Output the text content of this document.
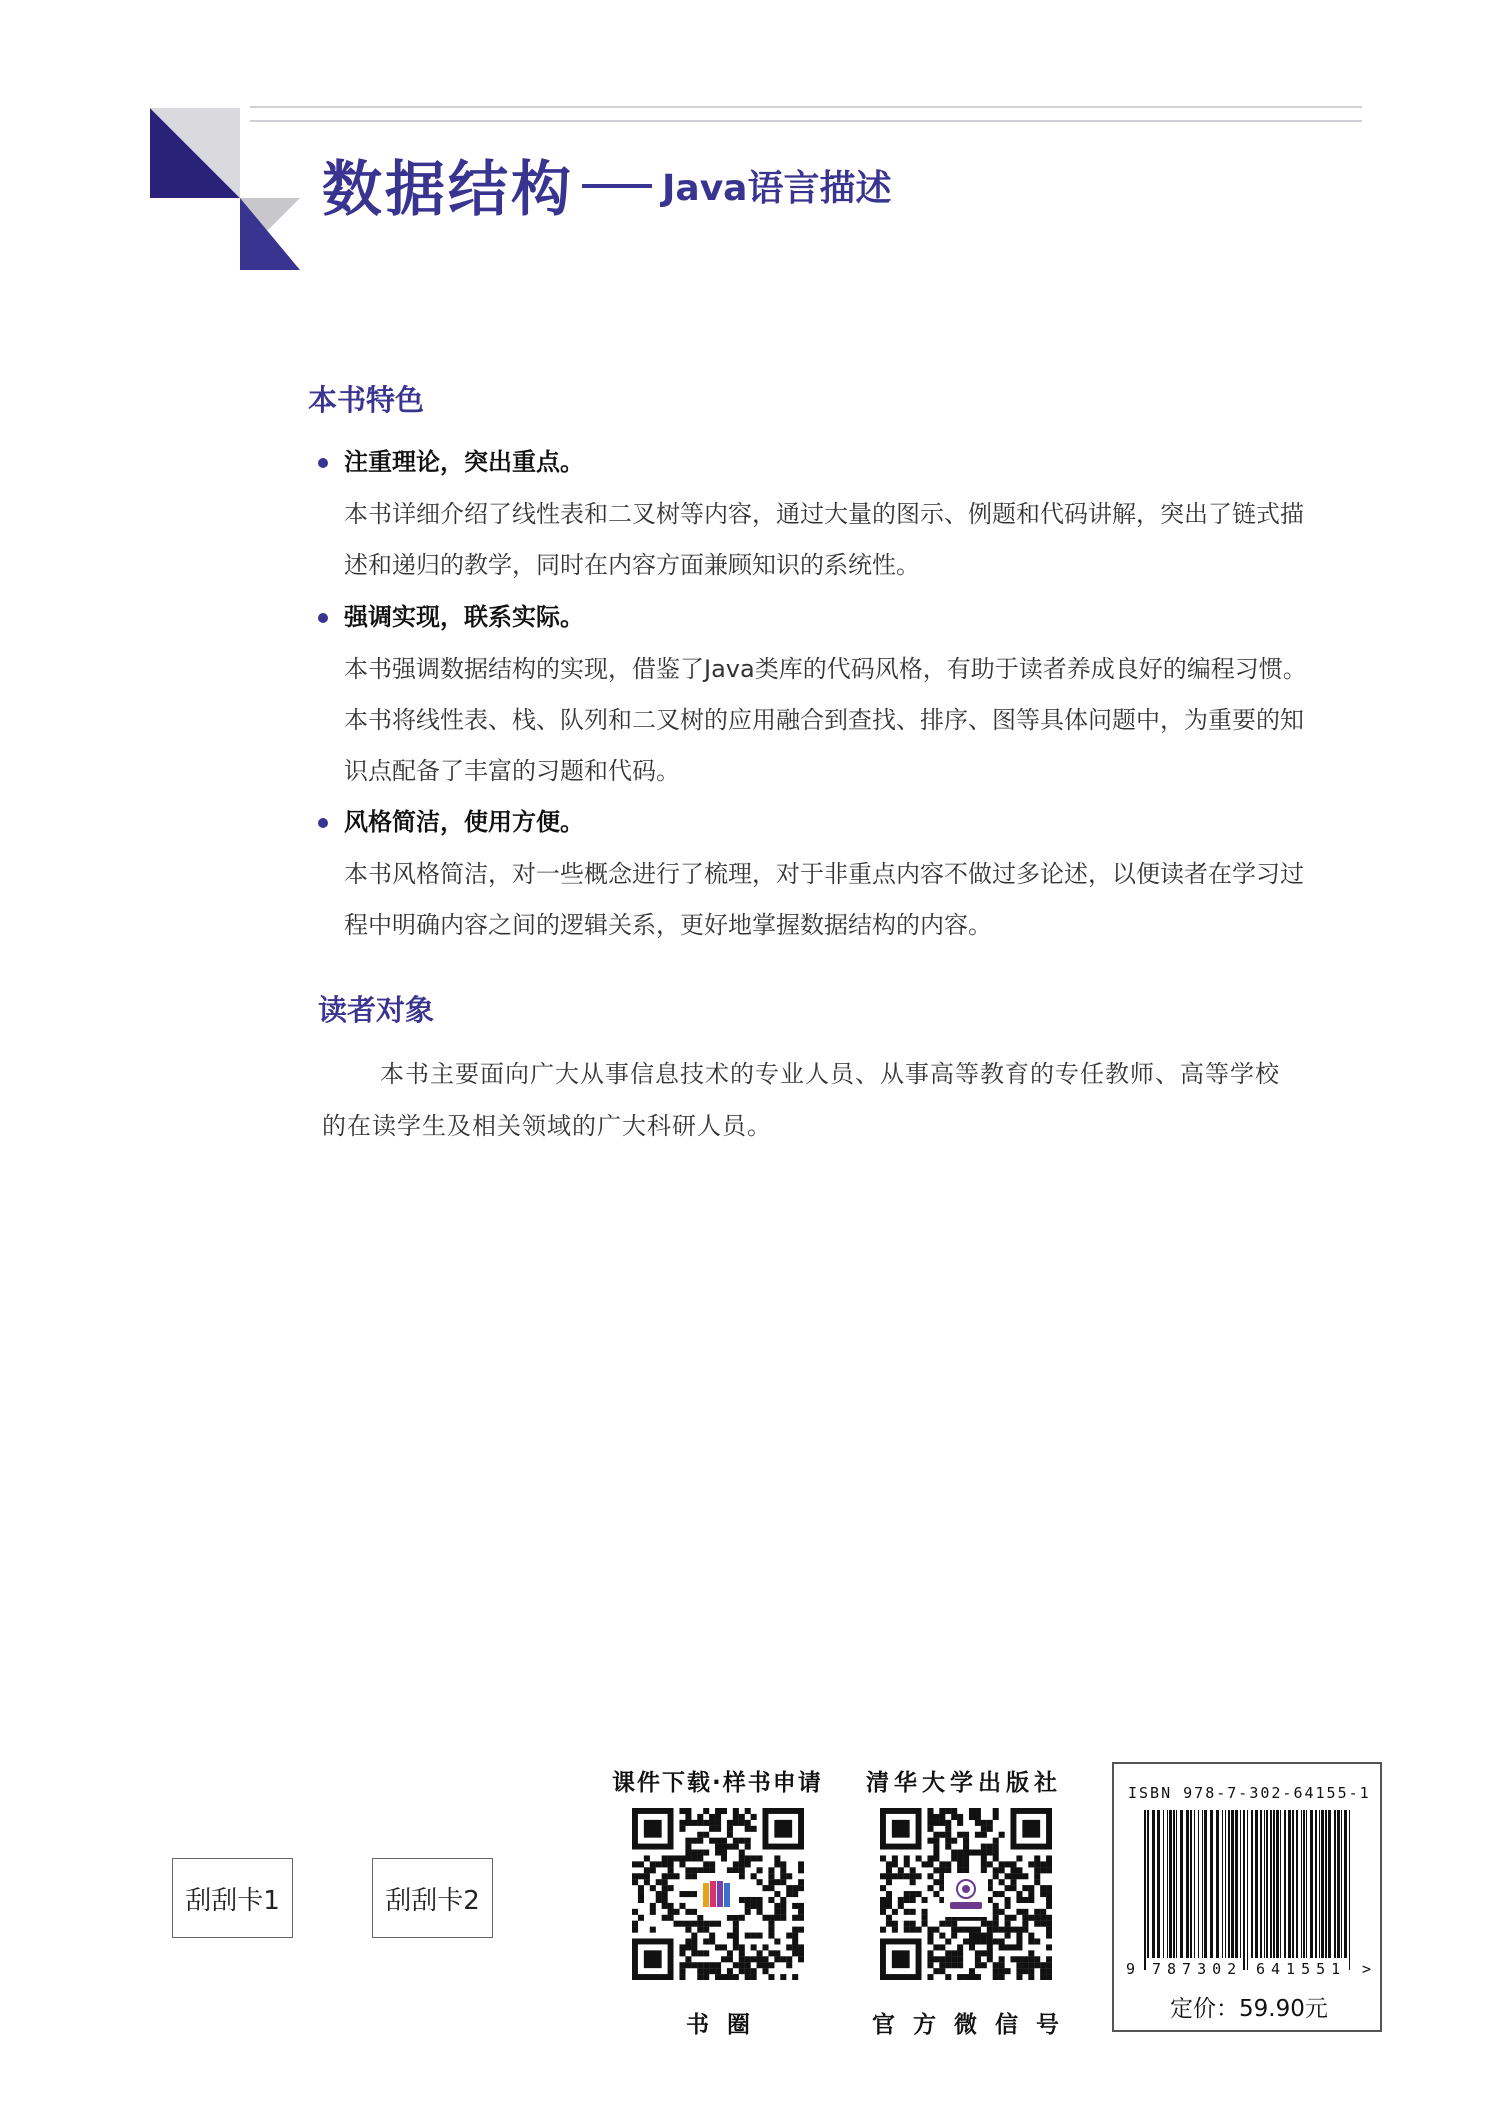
数据结构 Java语言描述
本书特色
注重理论，突出重点。
本书详细介绍了线性表和二叉树等内容，通过大量的图示、例题和代码讲解，突出了链式描
述和递归的教学，同时在内容方面兼顾知识的系统性。
强调实现，联系实际。
本书强调数据结构的实现，借鉴了Java类库的代码风格，有助于读者养成良好的编程习惯。
本书将线性表、栈、队列和二叉树的应用融合到查找、排序、图等具体问题中，为重要的知
识点配备了丰富的习题和代码。
风格简洁，使用方便。
本书风格简洁，对一些概念进行了梳理，对于非重点内容不做过多论述，以便读者在学习过
程中明确内容之间的逻辑关系，更好地掌握数据结构的内容。
读者对象
本书主要面向广大从事信息技术的专业人员、从事高等教育的专任教师、高等学校
的在读学生及相关领域的广大科研人员。
刮刮卡1	刮刮卡2
课件下载·样书申请
书圈
清华大学出版社
官方微信号
ISBN 978-7-302-64155-1
9 787302 641551 >
定价：59.90元
